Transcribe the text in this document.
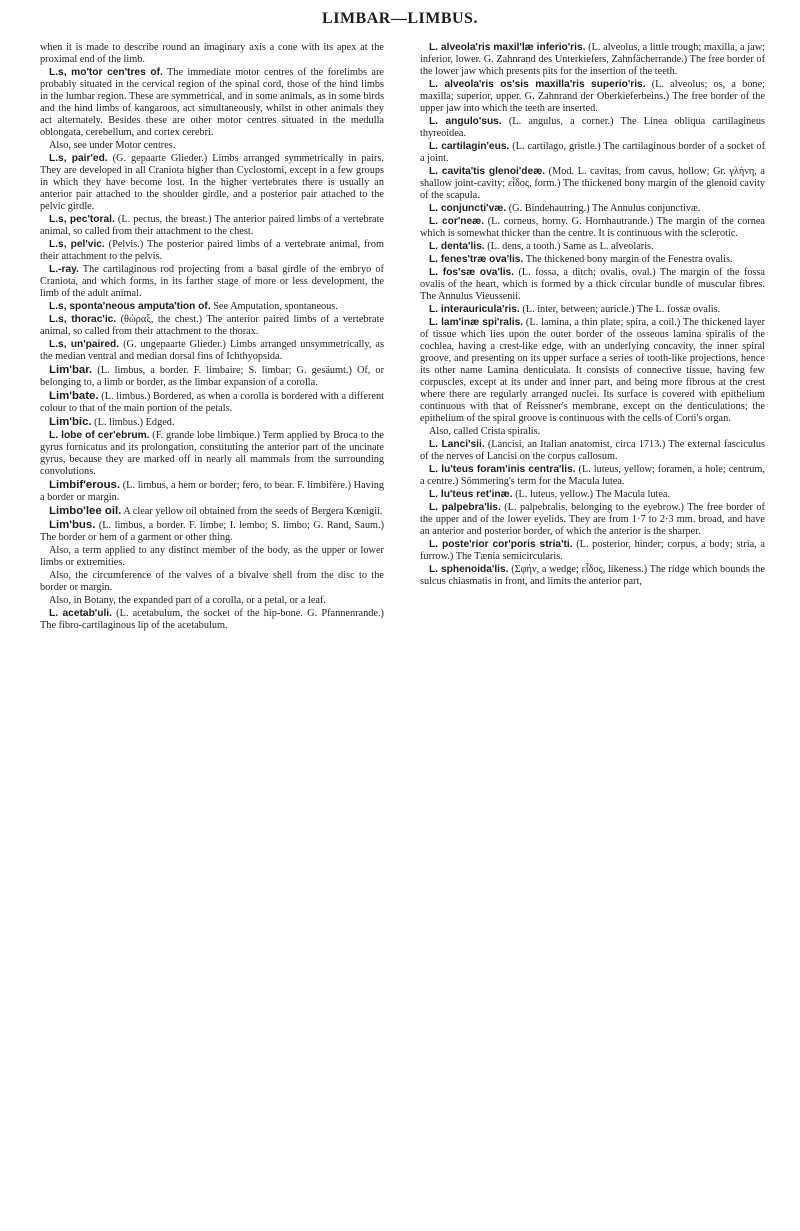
LIMBAR—LIMBUS.

when it is made to describe round an imaginary axis a cone with its apex at the proximal end of the limb.

L.s, mo'tor cen'tres of. The immediate motor centres of the forelimbs are probably situated in the cervical region of the spinal cord, those of the hind limbs in the lumbar region. These are symmetrical, and in some animals, as in some birds and the hind limbs of kangaroos, act simultaneously, whilst in other animals they act alternately. Besides these are other motor centres situated in the medulla oblongata, cerebellum, and cortex cerebri.

Also, see under Motor centres.

L.s, pair'ed. (G. gepaarte Glieder.) Limbs arranged symmetrically in pairs. They are developed in all Craniota higher than Cyclostomi, except in a few groups in which they have become lost. In the higher vertebrates there is usually an anterior pair attached to the shoulder girdle, and a posterior pair attached to the pelvic girdle.

L.s, pec'toral. (L. pectus, the breast.) The anterior paired limbs of a vertebrate animal, so called from their attachment to the chest.

L.s, pel'vic. (Pelvis.) The posterior paired limbs of a vertebrate animal, from their attachment to the pelvis.

L.-ray. The cartilaginous rod projecting from a basal girdle of the embryo of Craniota, and which forms, in its farther stage of more or less development, the limb of the adult animal.

L.s, sponta'neous amputa'tion of. See Amputation, spontaneous.

L.s, thorac'ic. (θώραξ, the chest.) The anterior paired limbs of a vertebrate animal, so called from their attachment to the thorax.

L.s, un'paired. (G. ungepaarte Glieder.) Limbs arranged unsymmetrically, as the median ventral and median dorsal fins of Ichthyopsida.

Lim'bar. (L. limbus, a border. F. limbaire; S. limbar; G. gesäumt.) Of, or belonging to, a limb or border, as the limbar expansion of a corolla.

Lim'bate. (L. limbus.) Bordered, as when a corolla is bordered with a different colour to that of the main portion of the petals.

Lim'bic. (L. limbus.) Edged.

L. lobe of cer'ebrum. (F. grande lobe limbique.) Term applied by Broca to the gyrus fornicatus and its prolongation, constituting the anterior part of the uncinate gyrus, because they are marked off in nearly all mammals from the surrounding convolutions.

Limbif'erous. (L. limbus, a hem or border; fero, to bear. F. limbifère.) Having a border or margin.

Limbo'lee oil. A clear yellow oil obtained from the seeds of Bergera Kœnigii.

Lim'bus. (L. limbus, a border. F. limbe; I. lembo; S. limbo; G. Rand, Saum.) The border or hem of a garment or other thing.

Also, a term applied to any distinct member of the body, as the upper or lower limbs or extremities.

Also, the circumference of the valves of a bivalve shell from the disc to the border or margin.

Also, in Botany, the expanded part of a corolla, or a petal, or a leaf.

L. acetab'uli. (L. acetabulum, the socket of the hip-bone. G. Pfannenrande.) The fibro-cartilaginous lip of the acetabulum.

L. alveola'ris maxil'læ inferio'ris. (L. alveolus, a little trough; maxilla, a jaw; inferior, lower. G. Zahnrand des Unterkiefers, Zahnfächerrande.) The free border of the lower jaw which presents pits for the insertion of the teeth.

L. alveola'ris os'sis maxilla'ris superio'ris. (L. alveolus; os, a bone; maxilla; superior, upper. G. Zahnrand der Oberkieferbeins.) The free border of the upper jaw into which the teeth are inserted.

L. angulo'sus. (L. angulus, a corner.) The Linea obliqua cartilagineus thyreoidea.

L. cartilagin'eus. (L. cartilago, gristle.) The cartilaginous border of a socket of a joint.

L. cavita'tis glenoi'deæ. (Mod. L. cavitas, from cavus, hollow; Gr. γλήνη, a shallow joint-cavity; εἶδος, form.) The thickened bony margin of the glenoid cavity of the scapula.

L. conjuncti'væ. (G. Bindehautring.) The Annulus conjunctivæ.

L. cor'neæ. (L. corneus, horny. G. Hornhautrande.) The margin of the cornea which is somewhat thicker than the centre. It is continuous with the sclerotic.

L. denta'lis. (L. dens, a tooth.) Same as L. alveolaris.

L. fenes'træ ova'lis. The thickened bony margin of the Fenestra ovalis.

L. fos'sæ ova'lis. (L. fossa, a ditch; ovalis, oval.) The margin of the fossa ovalis of the heart, which is formed by a thick circular bundle of muscular fibres. The Annulus Vieussenii.

L. interauricula'ris. (L. inter, between; auricle.) The L. fossæ ovalis.

L. lam'inæ spi'ralis. (L. lamina, a thin plate; spira, a coil.) The thickened layer of tissue which lies upon the outer border of the osseous lamina spiralis of the cochlea, having a crest-like edge, with an underlying concavity, the inner spiral groove, and presenting on its upper surface a series of tooth-like projections, hence its other name Lamina denticulata. It consists of connective tissue, having few corpuscles, except at its under and inner part, and being more fibrous at the crest where there are regularly arranged nuclei. Its surface is covered with epithelium continuous with that of Reissner's membrane, except on the denticulations; the epithelium of the spiral groove is continuous with the cells of Corti's organ.

Also, called Crista spiralis.

L. Lanci'sii. (Lancisi, an Italian anatomist, circa 1713.) The external fasciculus of the nerves of Lancisi on the corpus callosum.

L. lu'teus foram'inis centra'lis. (L. luteus, yellow; foramen, a hole; centrum, a centre.) Sömmering's term for the Macula lutea.

L. lu'teus ret'inæ. (L. luteus, yellow.) The Macula lutea.

L. palpebra'lis. (L. palpebralis, belonging to the eyebrow.) The free border of the upper and of the lower eyelids. They are from 1·7 to 2·3 mm. broad, and have an anterior and posterior border, of which the anterior is the sharper.

L. poste'rior cor'poris stria'ti. (L. posterior, hinder; corpus, a body; stria, a furrow.) The Tænia semicircularis.

L. sphenoida'lis. (Σφήν, a wedge; εἶδος, likeness.) The ridge which bounds the sulcus chiasmatis in front, and limits the anterior part,
